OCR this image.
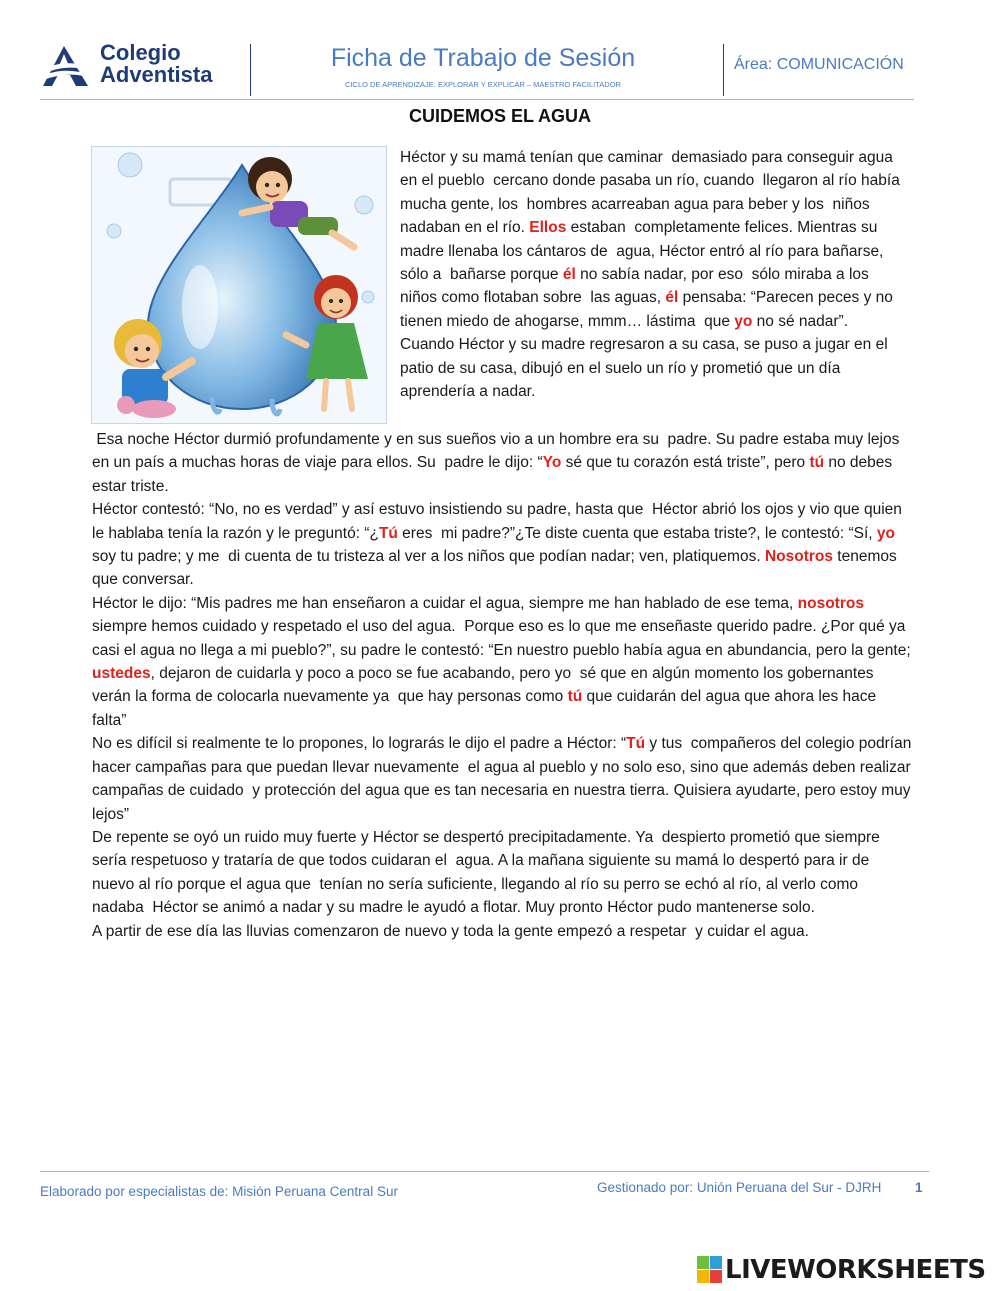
Colegio
Adventista
Ficha de Trabajo de Sesión
CICLO DE APRENDIZAJE: EXPLORAR Y EXPLICAR – MAESTRO FACILITADOR
Área: COMUNICACIÓN
CUIDEMOS EL AGUA
Héctor y su mamá tenían que caminar  demasiado para conseguir agua en el pueblo  cercano donde pasaba un río, cuando  llegaron al río había mucha gente, los  hombres acarreaban agua para beber y los  niños nadaban en el río. Ellos estaban  completamente felices. Mientras su madre llenaba los cántaros de  agua, Héctor entró al río para bañarse, sólo a  bañarse porque él no sabía nadar, por eso  sólo miraba a los niños como flotaban sobre  las aguas, él pensaba: “Parecen peces y no  tienen miedo de ahogarse, mmm… lástima  que yo no sé nadar”.
Cuando Héctor y su madre regresaron a su casa, se puso a jugar en el patio de su casa, dibujó en el suelo un río y prometió que un día aprendería a nadar.
Esa noche Héctor durmió profundamente y en sus sueños vio a un hombre era su  padre. Su padre estaba muy lejos en un país a muchas horas de viaje para ellos. Su  padre le dijo: “Yo sé que tu corazón está triste”, pero tú no debes estar triste.
Héctor contestó: “No, no es verdad” y así estuvo insistiendo su padre, hasta que  Héctor abrió los ojos y vio que quien le hablaba tenía la razón y le preguntó: “¿Tú eres  mi padre?”¿Te diste cuenta que estaba triste?, le contestó: “Sí, yo soy tu padre; y me  di cuenta de tu tristeza al ver a los niños que podían nadar; ven, platiquemos. Nosotros tenemos que conversar.
Héctor le dijo: “Mis padres me han enseñaron a cuidar el agua, siempre me han hablado de ese tema, nosotros siempre hemos cuidado y respetado el uso del agua.  Porque eso es lo que me enseñaste querido padre. ¿Por qué ya casi el agua no llega a mi pueblo?”, su padre le contestó: “En nuestro pueblo había agua en abundancia, pero la gente; ustedes, dejaron de cuidarla y poco a poco se fue acabando, pero yo  sé que en algún momento los gobernantes verán la forma de colocarla nuevamente ya  que hay personas como tú que cuidarán del agua que ahora les hace falta”
No es difícil si realmente te lo propones, lo lograrás le dijo el padre a Héctor: “Tú y tus  compañeros del colegio podrían hacer campañas para que puedan llevar nuevamente  el agua al pueblo y no solo eso, sino que además deben realizar campañas de cuidado  y protección del agua que es tan necesaria en nuestra tierra. Quisiera ayudarte, pero estoy muy lejos”
De repente se oyó un ruido muy fuerte y Héctor se despertó precipitadamente. Ya  despierto prometió que siempre sería respetuoso y trataría de que todos cuidaran el  agua. A la mañana siguiente su mamá lo despertó para ir de nuevo al río porque el agua que  tenían no sería suficiente, llegando al río su perro se echó al río, al verlo como nadaba  Héctor se animó a nadar y su madre le ayudó a flotar. Muy pronto Héctor pudo mantenerse solo.                             A partir de ese día las lluvias comenzaron de nuevo y toda la gente empezó a respetar  y cuidar el agua.
Elaborado por especialistas de: Misión Peruana Central Sur	Gestionado por: Unión Peruana del Sur - DJRH 1
LIVEWORKSHEETS
